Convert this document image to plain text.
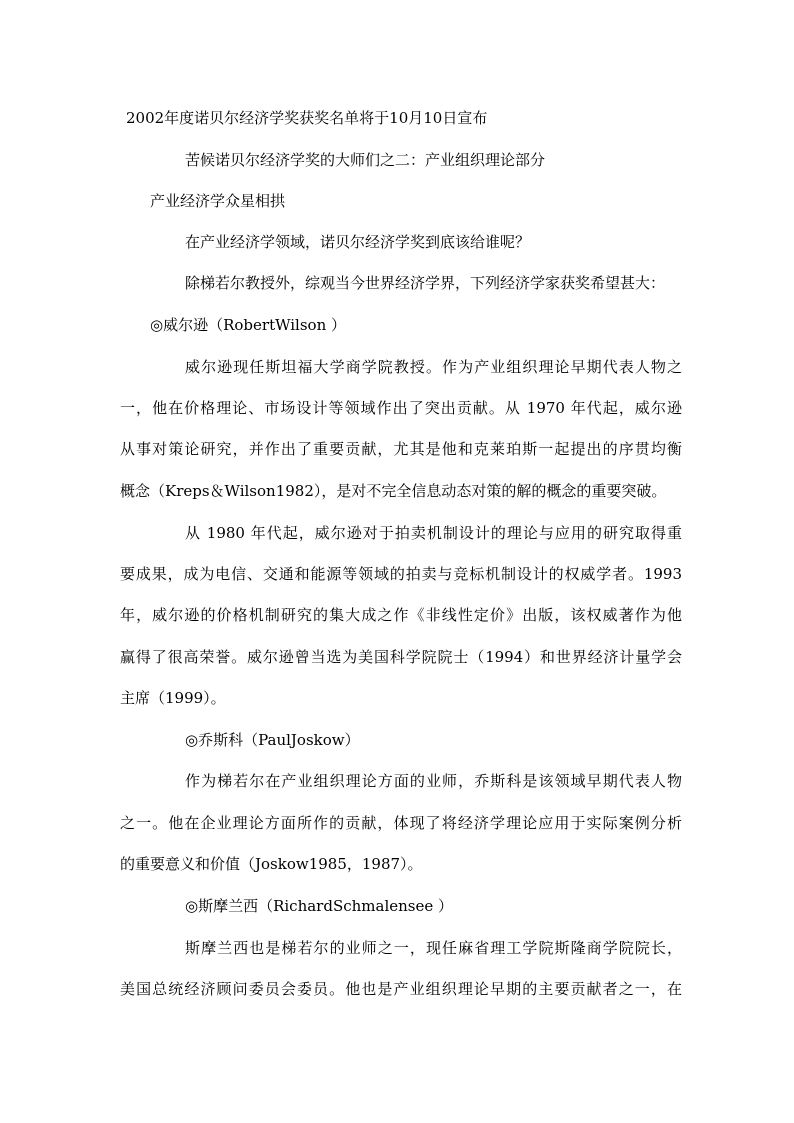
2002年度诺贝尔经济学奖获奖名单将于10月10日宣布
苦候诺贝尔经济学奖的大师们之二：产业组织理论部分
产业经济学众星相拱
在产业经济学领域，诺贝尔经济学奖到底该给谁呢？
除梯若尔教授外，综观当今世界经济学界，下列经济学家获奖希望甚大：
◎威尔逊（RobertWilson ）
威尔逊现任斯坦福大学商学院教授。作为产业组织理论早期代表人物之
一，他在价格理论、市场设计等领域作出了突出贡献。从 1970 年代起，威尔逊
从事对策论研究，并作出了重要贡献，尤其是他和克莱珀斯一起提出的序贯均衡
概念（Kreps＆Wilson1982），是对不完全信息动态对策的解的概念的重要突破。
从 1980 年代起，威尔逊对于拍卖机制设计的理论与应用的研究取得重
要成果，成为电信、交通和能源等领域的拍卖与竞标机制设计的权威学者。1993
年，威尔逊的价格机制研究的集大成之作《非线性定价》出版，该权威著作为他
赢得了很高荣誉。威尔逊曾当选为美国科学院院士（1994）和世界经济计量学会
主席（1999）。
◎乔斯科（PaulJoskow）
作为梯若尔在产业组织理论方面的业师，乔斯科是该领域早期代表人物
之一。他在企业理论方面所作的贡献，体现了将经济学理论应用于实际案例分析
的重要意义和价值（Joskow1985，1987）。
◎斯摩兰西（RichardSchmalensee ）
斯摩兰西也是梯若尔的业师之一，现任麻省理工学院斯隆商学院院长，
美国总统经济顾问委员会委员。他也是产业组织理论早期的主要贡献者之一，在
